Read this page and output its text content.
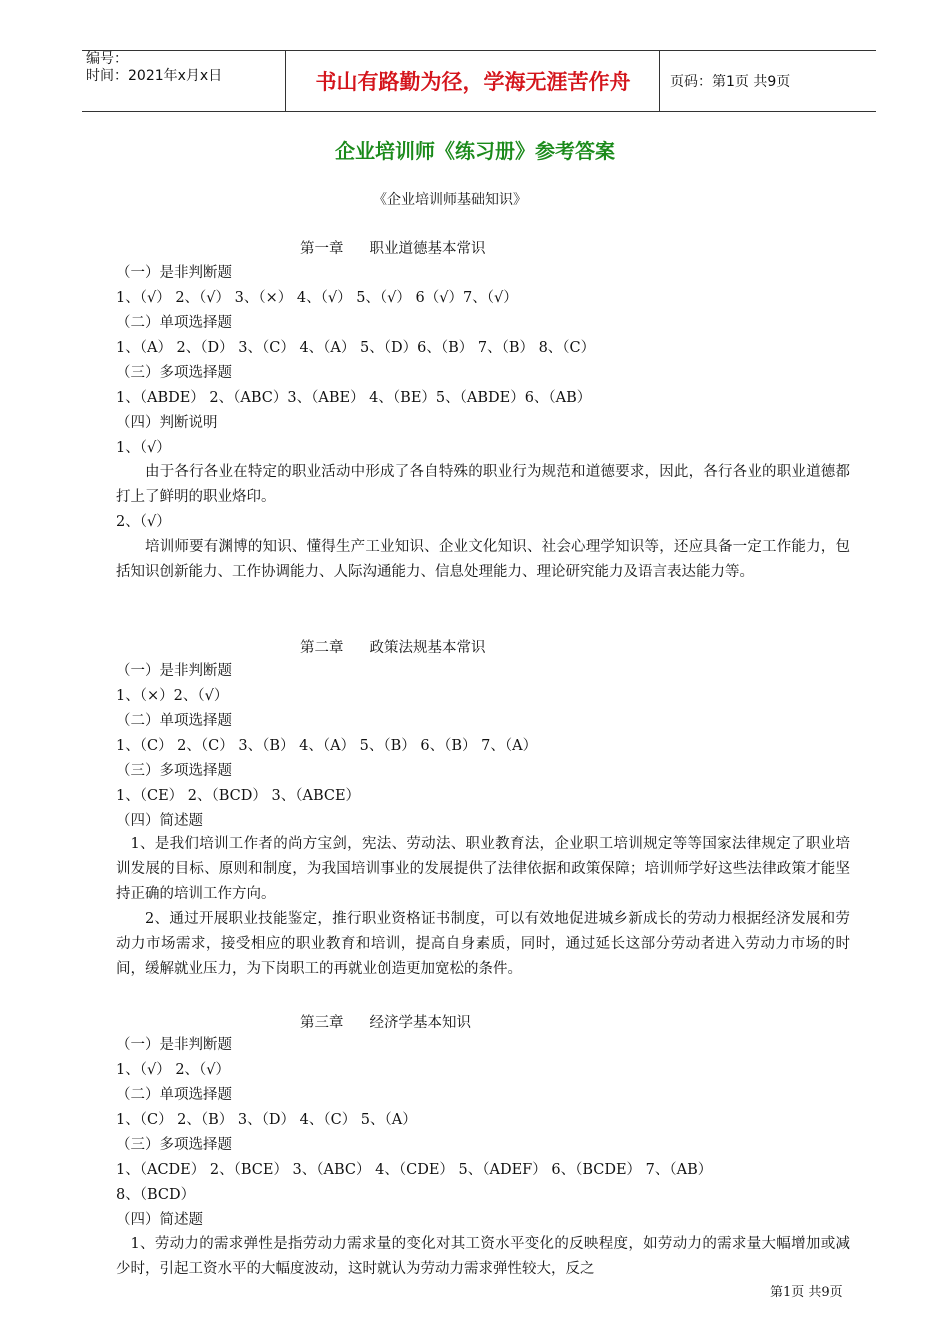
编号：
时间：2021年x月x日	书山有路勤为径，学海无涯苦作舟	页码：第1页 共9页
企业培训师《练习册》参考答案
《企业培训师基础知识》
第一章 职业道德基本常识
（一）是非判断题
1、（√） 2、（√） 3、（×） 4、（√） 5、（√） 6（√）7、（√）
（二）单项选择题
1、（A） 2、（D） 3、（C） 4、（A） 5、（D）6、（B） 7、（B） 8、（C）
（三）多项选择题
1、（ABDE） 2、（ABC）3、（ABE） 4、（BE）5、（ABDE）6、（AB）
（四）判断说明
1、（√）
由于各行各业在特定的职业活动中形成了各自特殊的职业行为规范和道德要求，因此，各行各业的职业道德都打上了鲜明的职业烙印。
2、（√）
培训师要有渊博的知识、懂得生产工业知识、企业文化知识、社会心理学知识等，还应具备一定工作能力，包括知识创新能力、工作协调能力、人际沟通能力、信息处理能力、理论研究能力及语言表达能力等。
第二章 政策法规基本常识
（一）是非判断题
1、（×）2、（√）
（二）单项选择题
1、（C） 2、（C） 3、（B） 4、（A） 5、（B） 6、（B） 7、（A）
（三）多项选择题
1、（CE） 2、（BCD） 3、（ABCE）
（四）简述题
1、是我们培训工作者的尚方宝剑，宪法、劳动法、职业教育法，企业职工培训规定等等国家法律规定了职业培训发展的目标、原则和制度，为我国培训事业的发展提供了法律依据和政策保障；培训师学好这些法律政策才能坚持正确的培训工作方向。
2、通过开展职业技能鉴定，推行职业资格证书制度，可以有效地促进城乡新成长的劳动力根据经济发展和劳动力市场需求，接受相应的职业教育和培训，提高自身素质，同时，通过延长这部分劳动者进入劳动力市场的时间，缓解就业压力，为下岗职工的再就业创造更加宽松的条件。
第三章 经济学基本知识
（一）是非判断题
1、（√） 2、（√）
（二）单项选择题
1、（C） 2、（B） 3、（D） 4、（C） 5、（A）
（三）多项选择题
1、（ACDE） 2、（BCE） 3、（ABC） 4、（CDE） 5、（ADEF） 6、（BCDE） 7、（AB）
8、（BCD）
（四）简述题
1、劳动力的需求弹性是指劳动力需求量的变化对其工资水平变化的反映程度，如劳动力的需求量大幅增加或减少时，引起工资水平的大幅度波动，这时就认为劳动力需求弹性较大，反之
第1页 共9页
